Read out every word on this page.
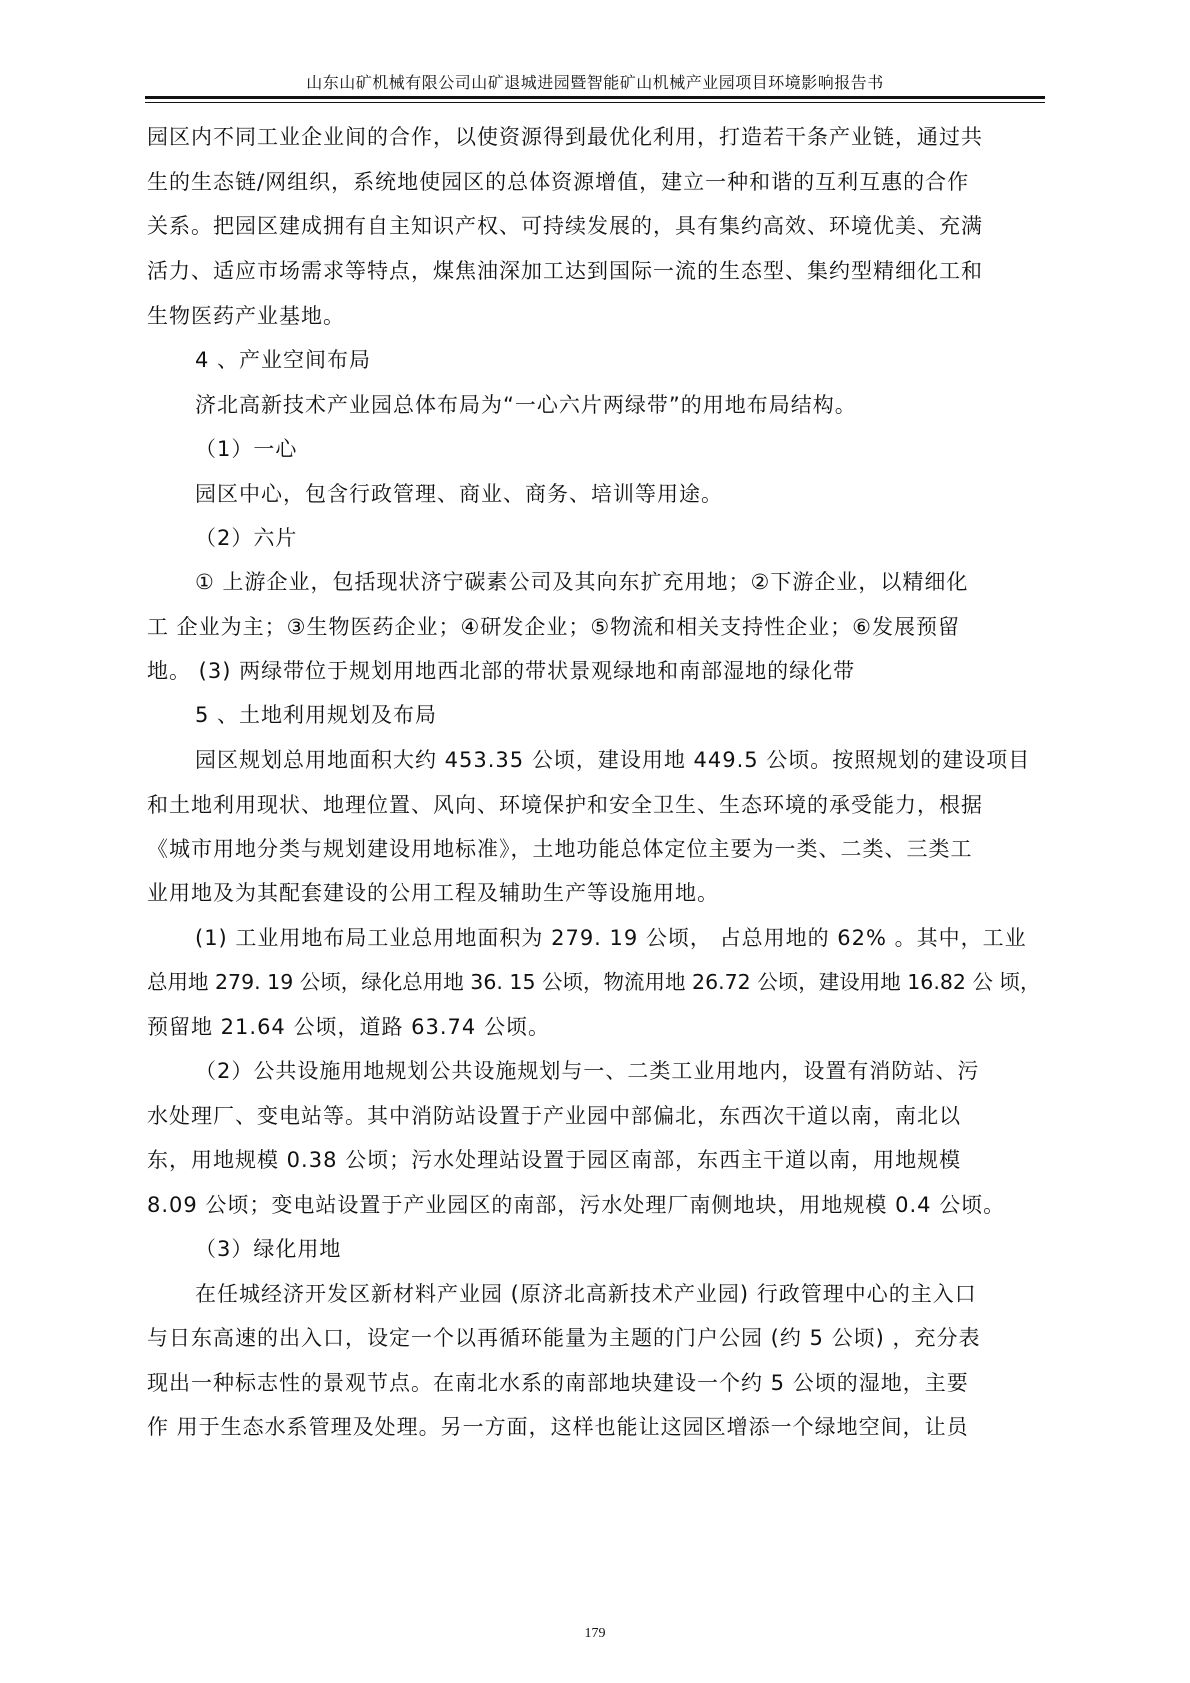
山东山矿机械有限公司山矿退城进园暨智能矿山机械产业园项目环境影响报告书
园区内不同工业企业间的合作，以使资源得到最优化利用，打造若干条产业链，通过共
生的生态链/网组织，系统地使园区的总体资源增值，建立一种和谐的互利互惠的合作
关系。把园区建成拥有自主知识产权、可持续发展的，具有集约高效、环境优美、充满
活力、适应市场需求等特点，煤焦油深加工达到国际一流的生态型、集约型精细化工和
生物医药产业基地。
4 、产业空间布局
济北高新技术产业园总体布局为“一心六片两绿带”的用地布局结构。
（1）一心
园区中心，包含行政管理、商业、商务、培训等用途。
（2）六片
① 上游企业，包括现状济宁碳素公司及其向东扩充用地；②下游企业，以精细化
工 企业为主；③生物医药企业；④研发企业；⑤物流和相关支持性企业；⑥发展预留
地。 (3) 两绿带位于规划用地西北部的带状景观绿地和南部湿地的绿化带
5 、土地利用规划及布局
园区规划总用地面积大约 453.35 公顷，建设用地 449.5 公顷。按照规划的建设项目
和土地利用现状、地理位置、风向、环境保护和安全卫生、生态环境的承受能力，根据
《城市用地分类与规划建设用地标准》，土地功能总体定位主要为一类、二类、三类工
业用地及为其配套建设的公用工程及辅助生产等设施用地。
(1) 工业用地布局工业总用地面积为 279. 19 公顷， 占总用地的 62% 。其中，工业
总用地 279. 19 公顷，绿化总用地 36. 15 公顷，物流用地 26.72 公顷，建设用地 16.82 公 顷，
预留地 21.64 公顷，道路 63.74 公顷。
（2）公共设施用地规划公共设施规划与一、二类工业用地内，设置有消防站、污
水处理厂、变电站等。其中消防站设置于产业园中部偏北，东西次干道以南，南北以
东，用地规模 0.38 公顷；污水处理站设置于园区南部，东西主干道以南，用地规模
8.09 公顷；变电站设置于产业园区的南部，污水处理厂南侧地块，用地规模 0.4 公顷。
（3）绿化用地
在任城经济开发区新材料产业园 (原济北高新技术产业园) 行政管理中心的主入口
与日东高速的出入口，设定一个以再循环能量为主题的门户公园 (约 5 公顷) ，充分表
现出一种标志性的景观节点。在南北水系的南部地块建设一个约 5 公顷的湿地，主要
作 用于生态水系管理及处理。另一方面，这样也能让这园区增添一个绿地空间，让员
179
